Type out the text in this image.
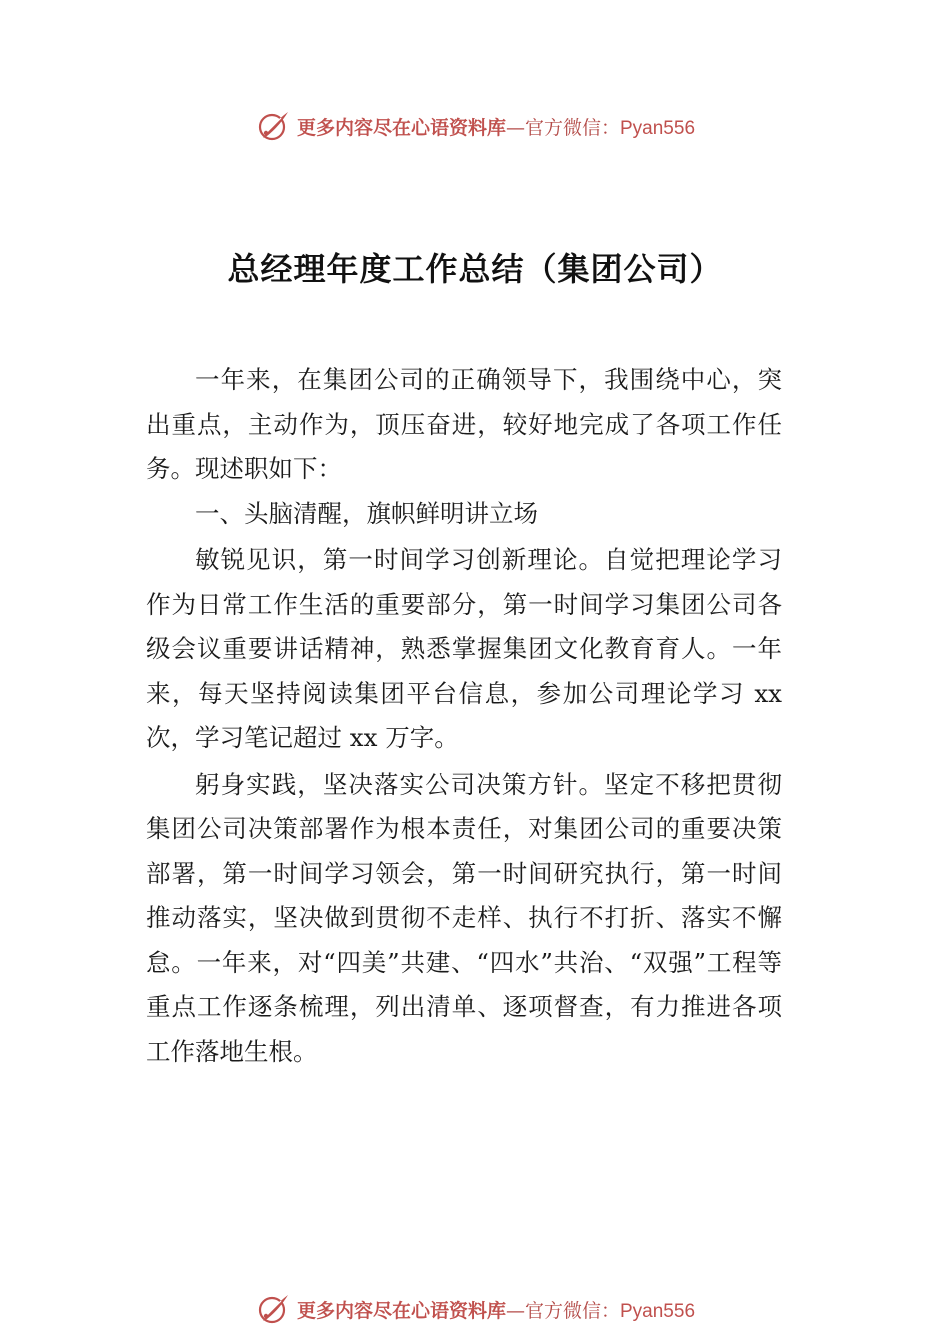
更多内容尽在心语资料库—官方微信：Pyan556
总经理年度工作总结（集团公司）

一年来，在集团公司的正确领导下，我围绕中心，突出重点，主动作为，顶压奋进，较好地完成了各项工作任务。现述职如下：

一、头脑清醒，旗帜鲜明讲立场

敏锐见识，第一时间学习创新理论。自觉把理论学习作为日常工作生活的重要部分，第一时间学习集团公司各级会议重要讲话精神，熟悉掌握集团文化教育育人。一年来，每天坚持阅读集团平台信息，参加公司理论学习 xx 次，学习笔记超过 xx 万字。

躬身实践，坚决落实公司决策方针。坚定不移把贯彻集团公司决策部署作为根本责任，对集团公司的重要决策部署，第一时间学习领会，第一时间研究执行，第一时间推动落实，坚决做到贯彻不走样、执行不打折、落实不懈怠。一年来，对“四美”共建、“四水”共治、“双强”工程等重点工作逐条梳理，列出清单、逐项督查，有力推进各项工作落地生根。

更多内容尽在心语资料库—官方微信：Pyan556
